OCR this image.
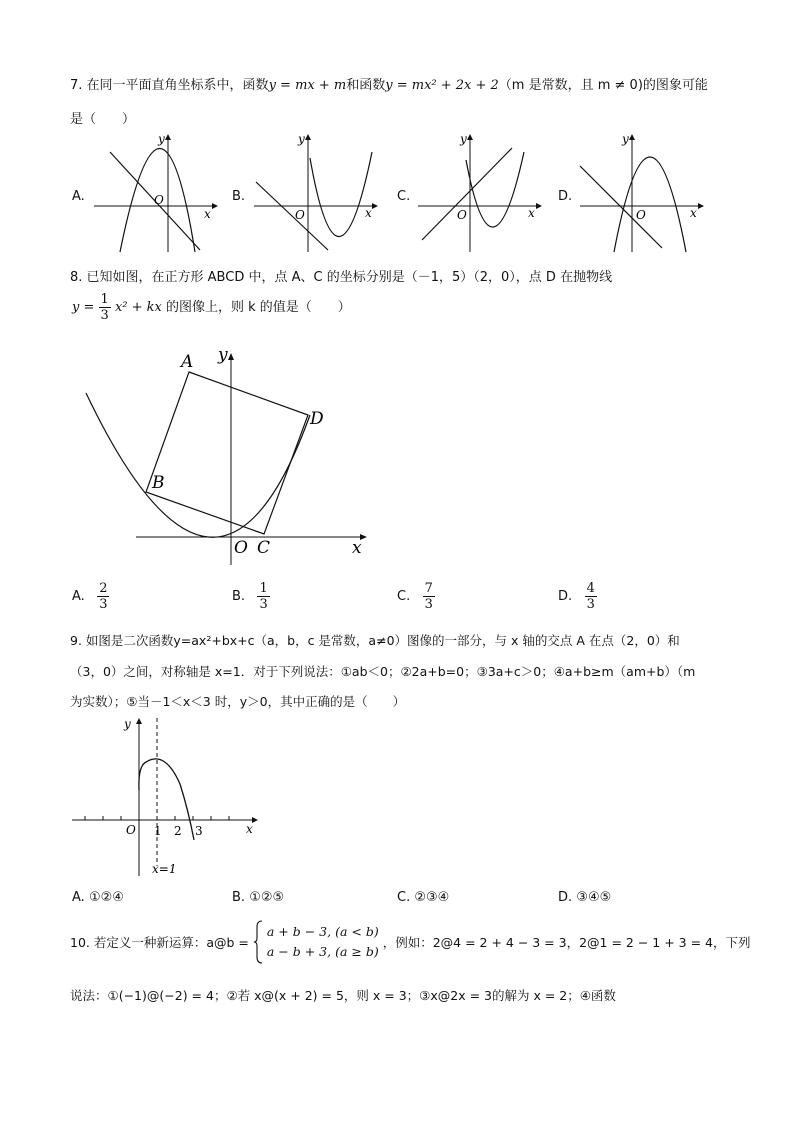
7. 在同一平面直角坐标系中，函数y = mx + m和函数y = mx² + 2x + 2（m 是常数，且 m ≠ 0)的图象可能
是（　　）
A.
y
O
x
B.
y
O	x
C.
y
O	x
D.
y
O	x
8. 已知如图，在正方形 ABCD 中，点 A、C 的坐标分别是（－1，5）（2，0），点 D 在抛物线
$y = \frac{1}{3} x^2$ + kx 的图像上，则 k 的值是（　　）
A
B
C
D
O	x
y
A. $\frac{2}{3}$	B. $\frac{1}{3}$	C. $\frac{7}{3}$	D. $\frac{4}{3}$
9. 如图是二次函数y=ax²+bx+c（a，b，c 是常数，a≠0）图像的一部分，与 x 轴的交点 A 在点（2，0）和
（3，0）之间，对称轴是 x=1．对于下列说法：①ab＜0；②2a+b=0；③3a+c＞0；④a+b≥m（am+b）（m
为实数）；⑤当－1＜x＜3 时，y＞0，其中正确的是（　　）
y
O 1 2 3	x
x=1
A. ①②④	B. ①②⑤	C. ②③④	D. ③④⑤
10. 若定义一种新运算：a@b =
a + b − 3, (a < b)
a − b + 3, (a ≥ b)
，例如：2@4 = 2 + 4 − 3 = 3，2@1 = 2 − 1 + 3 = 4，下列
说法：①(−1)@(−2) = 4；②若 x@(x + 2) = 5，则 x = 3；③x@2x = 3的解为 x = 2；④函数
